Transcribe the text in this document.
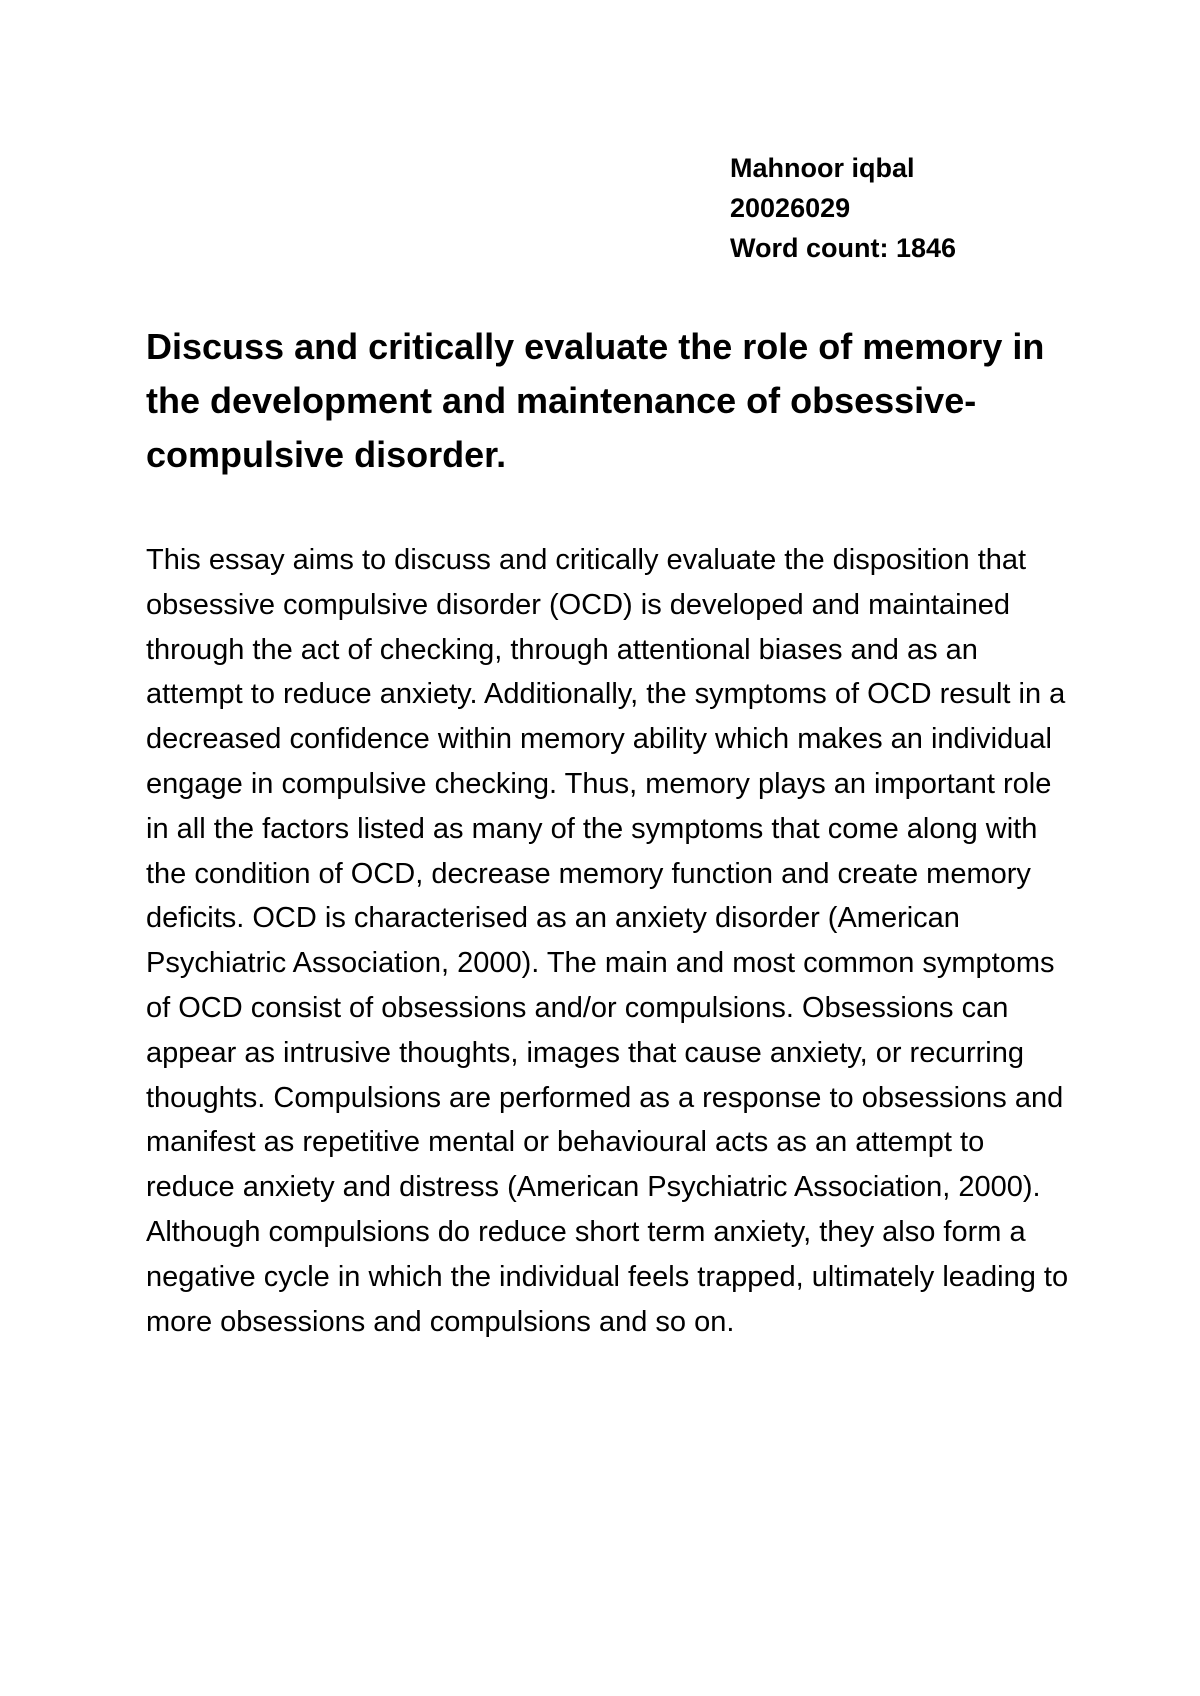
Mahnoor iqbal
20026029
Word count: 1846
Discuss and critically evaluate the role of memory in the development and maintenance of obsessive-compulsive disorder.

This essay aims to discuss and critically evaluate the disposition that obsessive compulsive disorder (OCD) is developed and maintained through the act of checking, through attentional biases and as an attempt to reduce anxiety. Additionally, the symptoms of OCD result in a decreased confidence within memory ability which makes an individual engage in compulsive checking. Thus, memory plays an important role in all the factors listed as many of the symptoms that come along with the condition of OCD, decrease memory function and create memory deficits. OCD is characterised as an anxiety disorder (American Psychiatric Association, 2000). The main and most common symptoms of OCD consist of obsessions and/or compulsions. Obsessions can appear as intrusive thoughts, images that cause anxiety, or recurring thoughts. Compulsions are performed as a response to obsessions and manifest as repetitive mental or behavioural acts as an attempt to reduce anxiety and distress (American Psychiatric Association, 2000). Although compulsions do reduce short term anxiety, they also form a negative cycle in which the individual feels trapped, ultimately leading to more obsessions and compulsions and so on.
